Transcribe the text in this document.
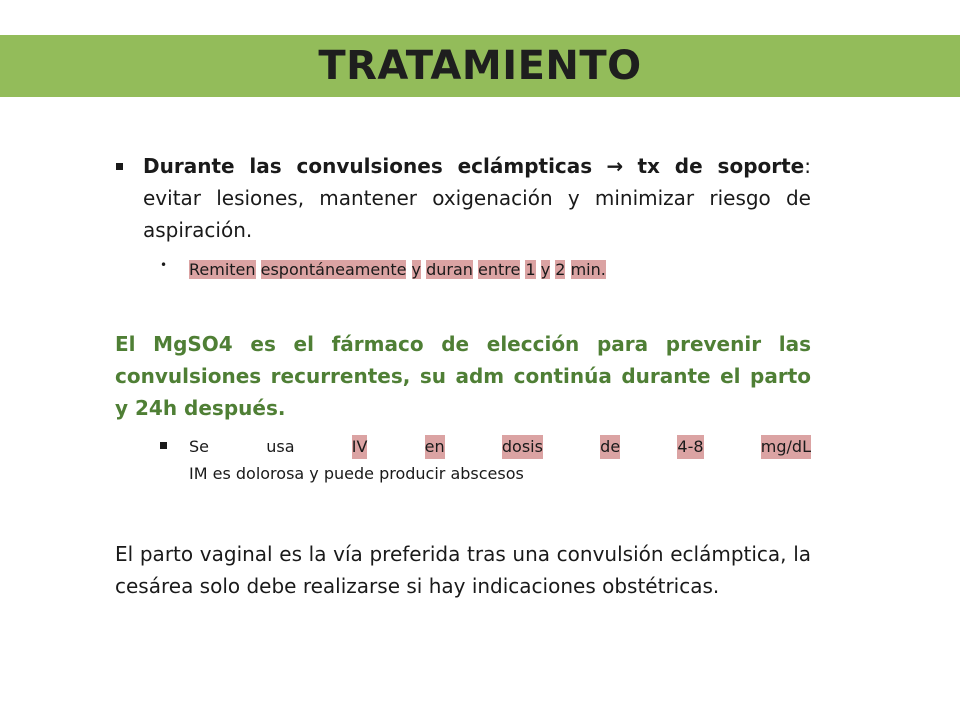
TRATAMIENTO
Durante las convulsiones eclámpticas → tx de soporte: evitar lesiones, mantener oxigenación y minimizar riesgo de aspiración.
• Remiten espontáneamente y duran entre 1 y 2 min.
El MgSO4 es el fármaco de elección para prevenir las convulsiones recurrentes, su adm continúa durante el parto y 24h después.
Se	usa	IV	en	dosis	de	4-8	mg/dL
IM es dolorosa y puede producir abscesos
El parto vaginal es la vía preferida tras una convulsión eclámptica, la cesárea solo debe realizarse si hay indicaciones obstétricas.
